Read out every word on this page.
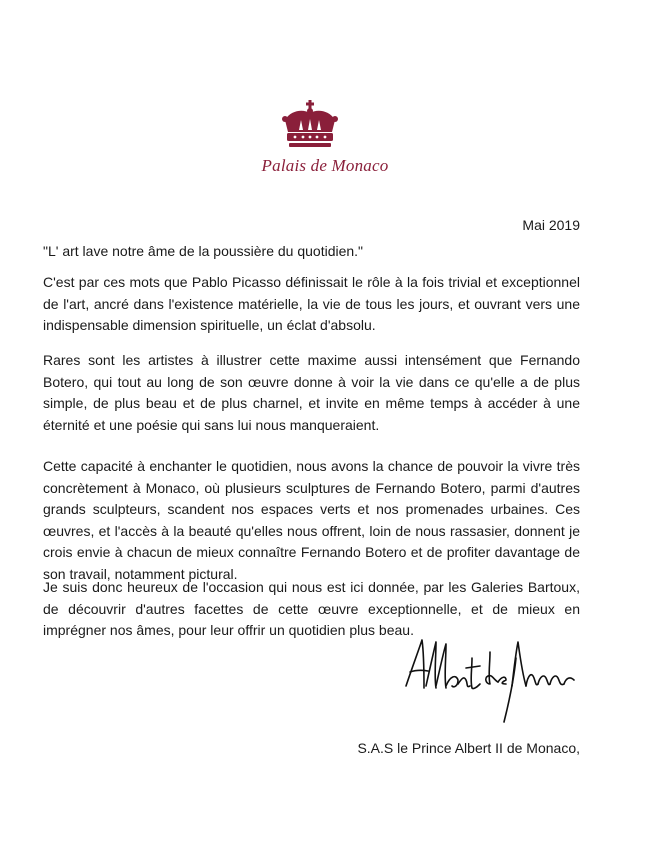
Palais de Monaco
Mai 2019
"L' art lave notre âme de la poussière du quotidien."

C'est par ces mots que Pablo Picasso définissait le rôle à la fois trivial et exceptionnel de l'art, ancré dans l'existence matérielle, la vie de tous les jours, et ouvrant vers une indispensable dimension spirituelle, un éclat d'absolu.

Rares sont les artistes à illustrer cette maxime aussi intensément que Fernando Botero, qui tout au long de son œuvre donne à voir la vie dans ce qu'elle a de plus simple, de plus beau et de plus charnel, et invite en même temps à accéder à une éternité et une poésie qui sans lui nous manqueraient.

Cette capacité à enchanter le quotidien, nous avons la chance de pouvoir la vivre très concrètement à Monaco, où plusieurs sculptures de Fernando Botero, parmi d'autres grands sculpteurs, scandent nos espaces verts et nos promenades urbaines. Ces œuvres, et l'accès à la beauté qu'elles nous offrent, loin de nous rassasier, donnent je crois envie à chacun de mieux connaître Fernando Botero et de profiter davantage de son travail, notamment pictural.

Je suis donc heureux de l'occasion qui nous est ici donnée, par les Galeries Bartoux, de découvrir d'autres facettes de cette œuvre exceptionnelle, et de mieux en imprégner nos âmes, pour leur offrir un quotidien plus beau.

S.A.S le Prince Albert II de Monaco,
